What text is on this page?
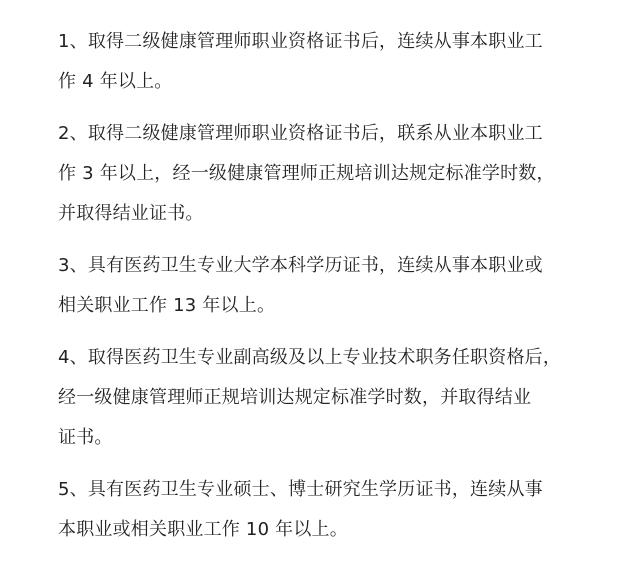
1、取得二级健康管理师职业资格证书后，连续从事本职业工
作 4 年以上。
2、取得二级健康管理师职业资格证书后，联系从业本职业工
作 3 年以上，经一级健康管理师正规培训达规定标准学时数，
并取得结业证书。
3、具有医药卫生专业大学本科学历证书，连续从事本职业或
相关职业工作 13 年以上。
4、取得医药卫生专业副高级及以上专业技术职务任职资格后，
经一级健康管理师正规培训达规定标准学时数，并取得结业
证书。
5、具有医药卫生专业硕士、博士研究生学历证书，连续从事
本职业或相关职业工作 10 年以上。
